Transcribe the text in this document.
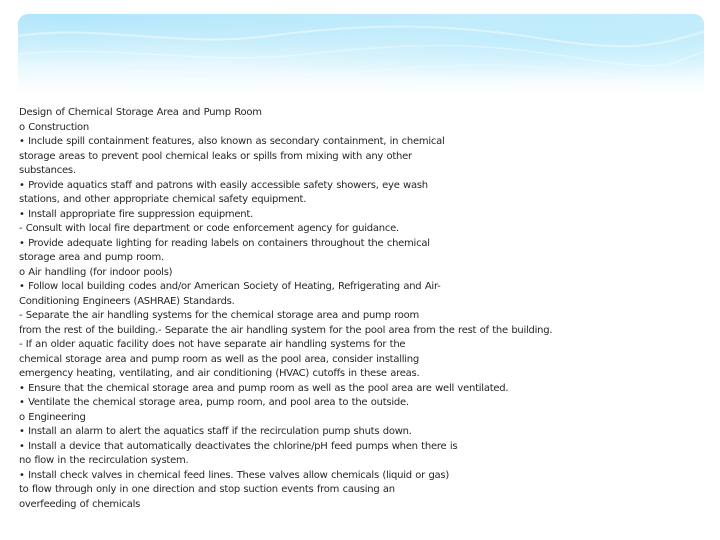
Design of Chemical Storage Area and Pump Room
o Construction
• Include spill containment features, also known as secondary containment, in chemical
storage areas to prevent pool chemical leaks or spills from mixing with any other
substances.
• Provide aquatics staff and patrons with easily accessible safety showers, eye wash
stations, and other appropriate chemical safety equipment.
• Install appropriate fire suppression equipment.
- Consult with local fire department or code enforcement agency for guidance.
• Provide adequate lighting for reading labels on containers throughout the chemical
storage area and pump room.
o Air handling (for indoor pools)
• Follow local building codes and/or American Society of Heating, Refrigerating and Air-
Conditioning Engineers (ASHRAE) Standards.
- Separate the air handling systems for the chemical storage area and pump room
from the rest of the building.- Separate the air handling system for the pool area from the rest of the building.
- If an older aquatic facility does not have separate air handling systems for the
chemical storage area and pump room as well as the pool area, consider installing
emergency heating, ventilating, and air conditioning (HVAC) cutoffs in these areas.
• Ensure that the chemical storage area and pump room as well as the pool area are well ventilated.
• Ventilate the chemical storage area, pump room, and pool area to the outside.
o Engineering
• Install an alarm to alert the aquatics staff if the recirculation pump shuts down.
• Install a device that automatically deactivates the chlorine/pH feed pumps when there is
no flow in the recirculation system.
• Install check valves in chemical feed lines. These valves allow chemicals (liquid or gas)
to flow through only in one direction and stop suction events from causing an
overfeeding of chemicals
